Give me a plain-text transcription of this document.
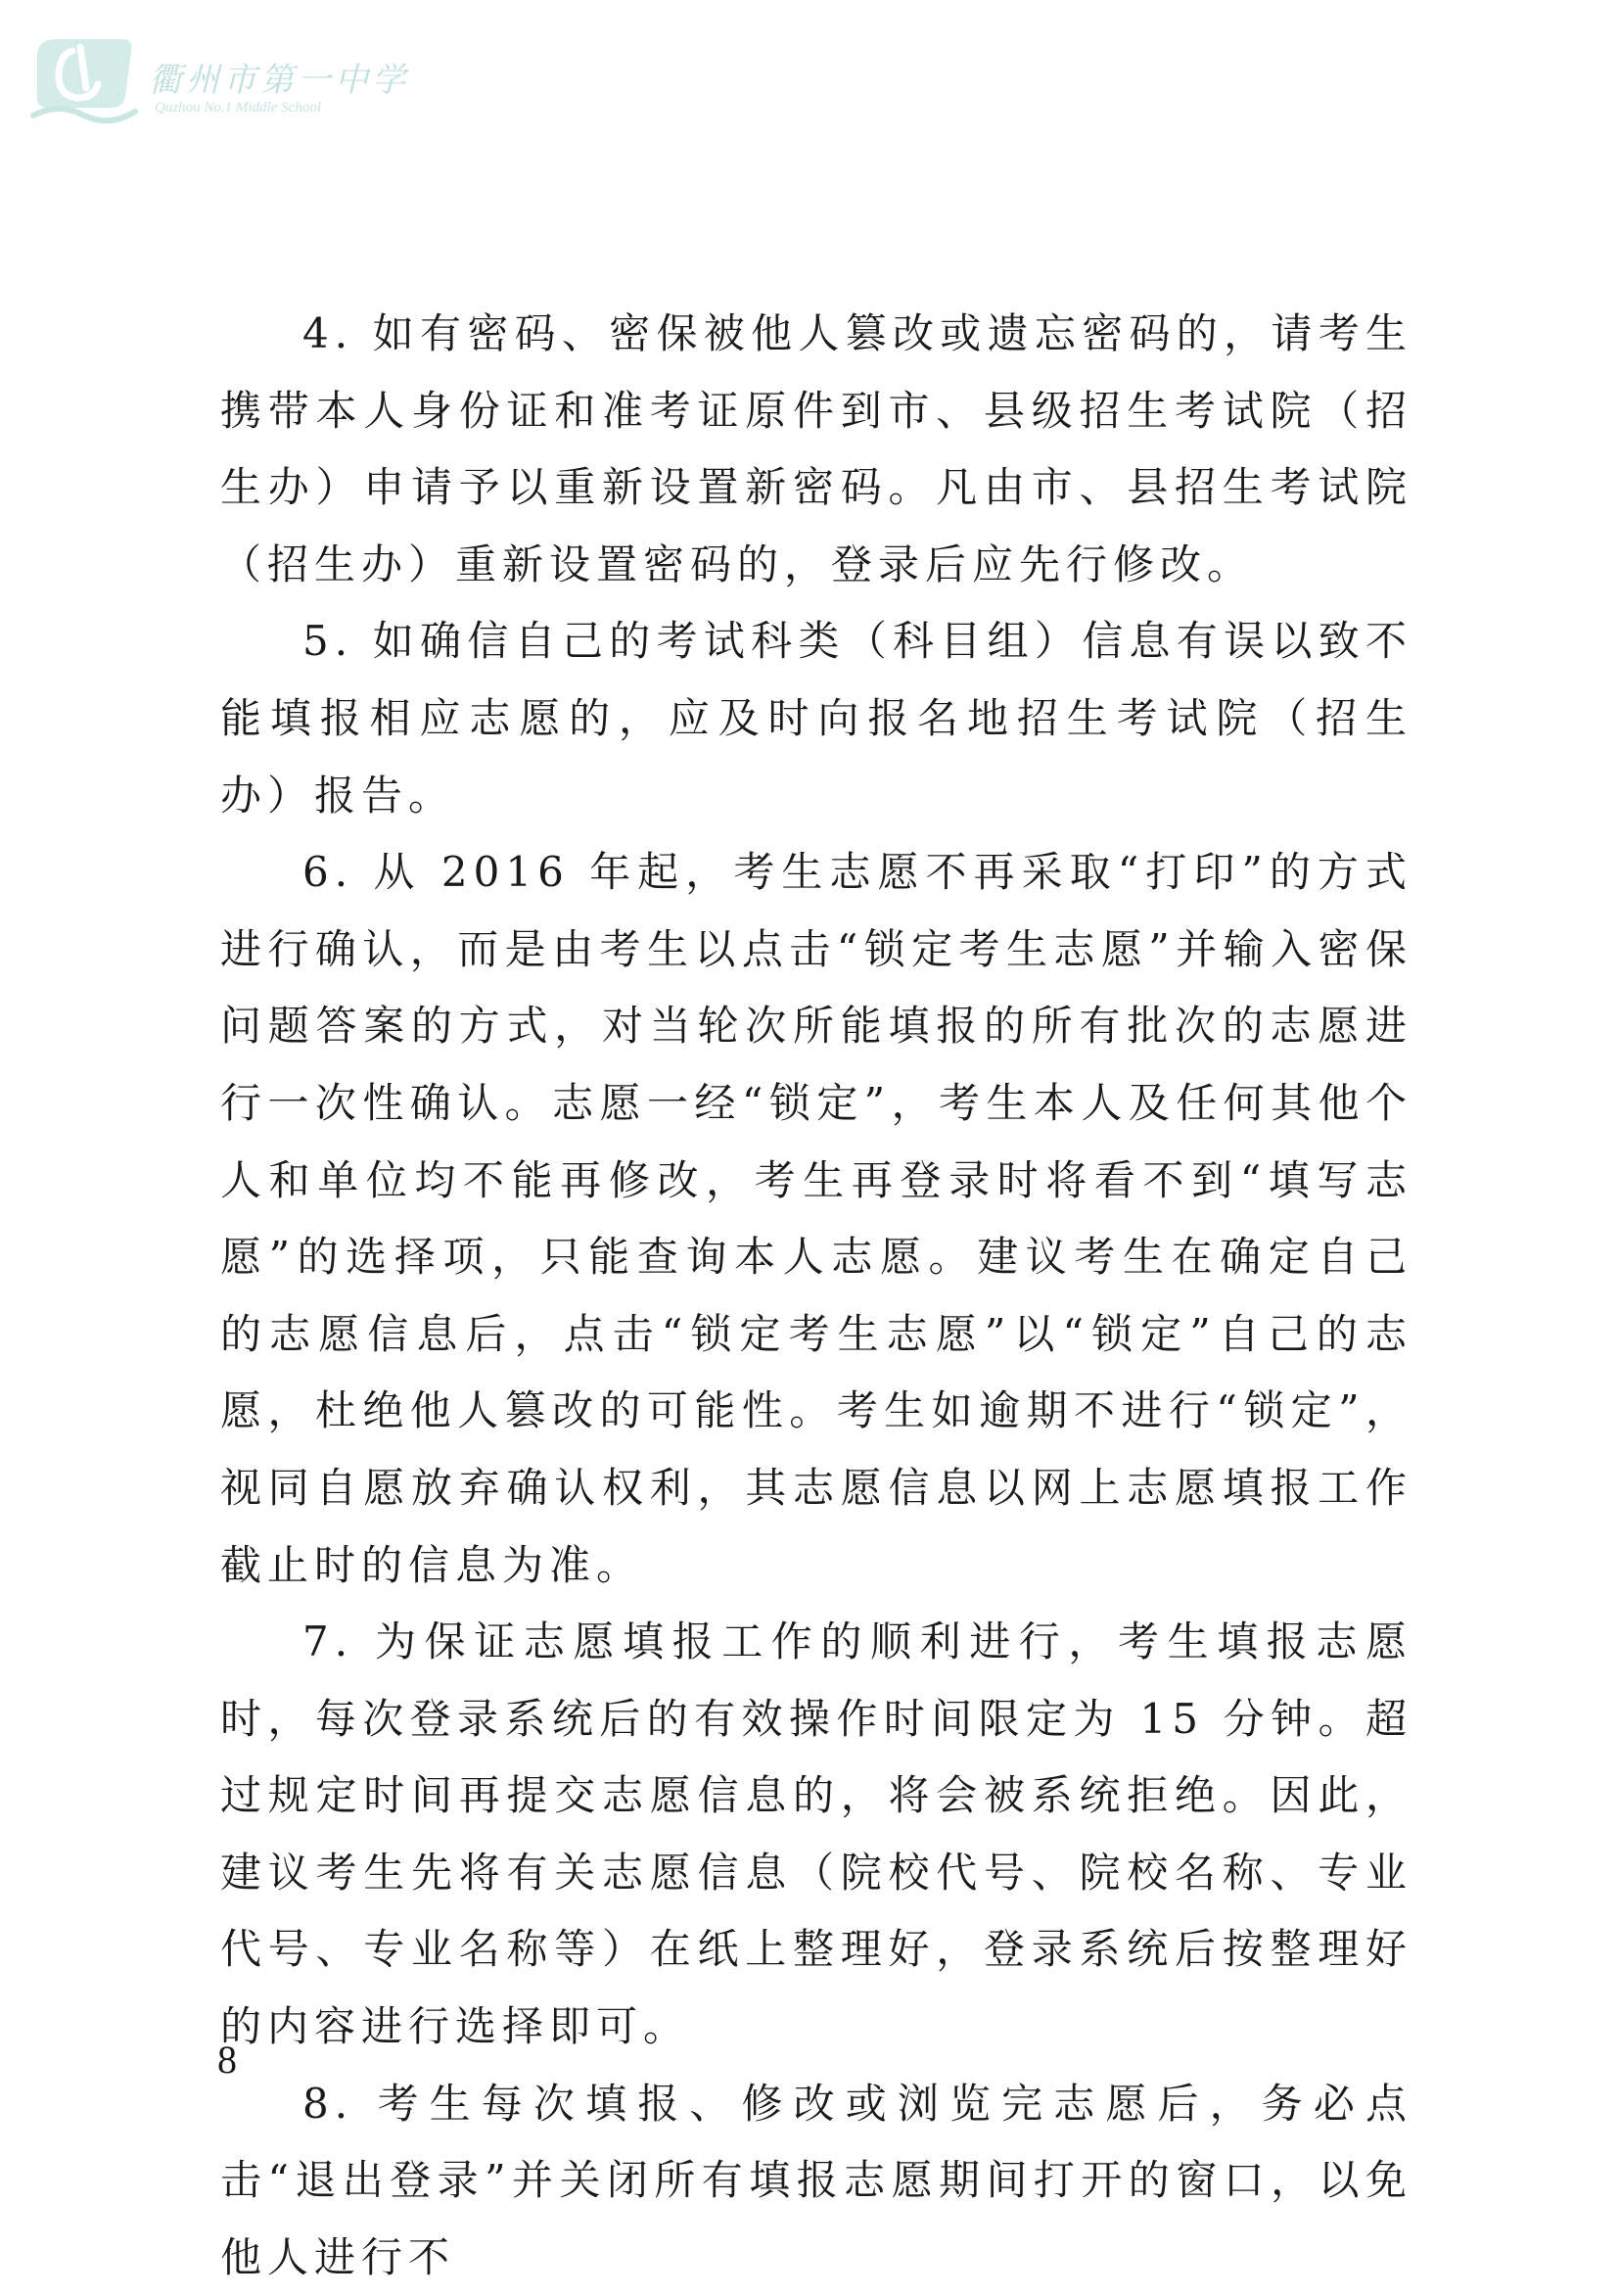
衢州市第一中学
Quzhou No.1 Middle School

4. 如有密码、密保被他人篡改或遗忘密码的，请考生携带本人身份证和准考证原件到市、县级招生考试院（招生办）申请予以重新设置新密码。凡由市、县招生考试院（招生办）重新设置密码的，登录后应先行修改。

5. 如确信自己的考试科类（科目组）信息有误以致不能填报相应志愿的，应及时向报名地招生考试院（招生办）报告。

6. 从 2016 年起，考生志愿不再采取“打印”的方式进行确认，而是由考生以点击“锁定考生志愿”并输入密保问题答案的方式，对当轮次所能填报的所有批次的志愿进行一次性确认。志愿一经“锁定”，考生本人及任何其他个人和单位均不能再修改，考生再登录时将看不到“填写志愿”的选择项，只能查询本人志愿。建议考生在确定自己的志愿信息后，点击“锁定考生志愿”以“锁定”自己的志愿，杜绝他人篡改的可能性。考生如逾期不进行“锁定”，视同自愿放弃确认权利，其志愿信息以网上志愿填报工作截止时的信息为准。

7. 为保证志愿填报工作的顺利进行，考生填报志愿时，每次登录系统后的有效操作时间限定为 15 分钟。超过规定时间再提交志愿信息的，将会被系统拒绝。因此，建议考生先将有关志愿信息（院校代号、院校名称、专业代号、专业名称等）在纸上整理好，登录系统后按整理好的内容进行选择即可。

8. 考生每次填报、修改或浏览完志愿后，务必点击“退出登录”并关闭所有填报志愿期间打开的窗口，以免他人进行不

8
